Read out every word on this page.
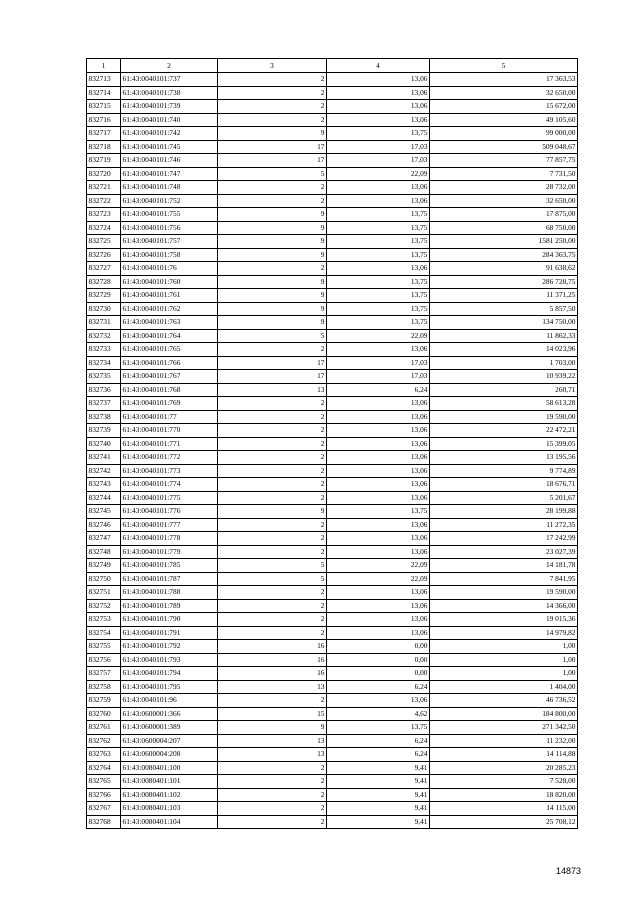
1	2	3	4	5
832713	61:43:0040101:737	2	13,06	17 363,53
832714	61:43:0040101:738	2	13,06	32 650,00
832715	61:43:0040101:739	2	13,06	15 672,00
832716	61:43:0040101:740	2	13,06	49 105,60
832717	61:43:0040101:742	9	13,75	99 000,00
832718	61:43:0040101:745	17	17,03	509 048,67
832719	61:43:0040101:746	17	17,03	77 857,75
832720	61:43:0040101:747	5	22,09	7 731,50
832721	61:43:0040101:748	2	13,06	28 732,00
832722	61:43:0040101:752	2	13,06	32 650,00
832723	61:43:0040101:755	9	13,75	17 875,00
832724	61:43:0040101:756	9	13,75	68 750,00
832725	61:43:0040101:757	9	13,75	1581 250,00
832726	61:43:0040101:758	9	13,75	284 363,75
832727	61:43:0040101:76	2	13,06	91 638,62
832728	61:43:0040101:760	9	13,75	286 728,75
832729	61:43:0040101:761	9	13,75	11 371,25
832730	61:43:0040101:762	9	13,75	5 857,50
832731	61:43:0040101:763	9	13,75	134 750,00
832732	61:43:0040101:764	5	22,09	11 862,33
832733	61:43:0040101:765	2	13,06	14 023,96
832734	61:43:0040101:766	17	17,03	1 703,00
832735	61:43:0040101:767	17	17,03	10 939,22
832736	61:43:0040101:768	13	6,24	260,71
832737	61:43:0040101:769	2	13,06	58 613,28
832738	61:43:0040101:77	2	13,06	19 590,00
832739	61:43:0040101:770	2	13,06	22 472,21
832740	61:43:0040101:771	2	13,06	15 399,05
832741	61:43:0040101:772	2	13,06	13 195,56
832742	61:43:0040101:773	2	13,06	9 774,89
832743	61:43:0040101:774	2	13,06	18 676,71
832744	61:43:0040101:775	2	13,06	5 201,67
832745	61:43:0040101:776	9	13,75	28 199,88
832746	61:43:0040101:777	2	13,06	11 272,35
832747	61:43:0040101:778	2	13,06	17 242,99
832748	61:43:0040101:779	2	13,06	23 027,39
832749	61:43:0040101:785	5	22,09	14 181,78
832750	61:43:0040101:787	5	22,09	7 841,95
832751	61:43:0040101:788	2	13,06	19 590,00
832752	61:43:0040101:789	2	13,06	14 366,00
832753	61:43:0040101:790	2	13,06	19 015,36
832754	61:43:0040101:791	2	13,06	14 979,82
832755	61:43:0040101:792	16	0,00	1,00
832756	61:43:0040101:793	16	0,00	1,00
832757	61:43:0040101:794	16	0,00	1,00
832758	61:43:0040101:795	13	6,24	1 404,00
832759	61:43:0040101:96	2	13,06	46 736,52
832760	61:43:0600001:366	15	4,62	184 800,00
832761	61:43:0600001:389	9	13,75	271 342,50
832762	61:43:0600004:207	13	6,24	11 232,00
832763	61:43:0600004:208	13	6,24	14 114,88
832764	61:43:0080401:100	2	9,41	20 285,23
832765	61:43:0080401:101	2	9,41	7 528,00
832766	61:43:0080401:102	2	9,41	18 820,00
832767	61:43:0080401:103	2	9,41	14 115,00
832768	61:43:0080401:104	2	9,41	25 708,12
14873
